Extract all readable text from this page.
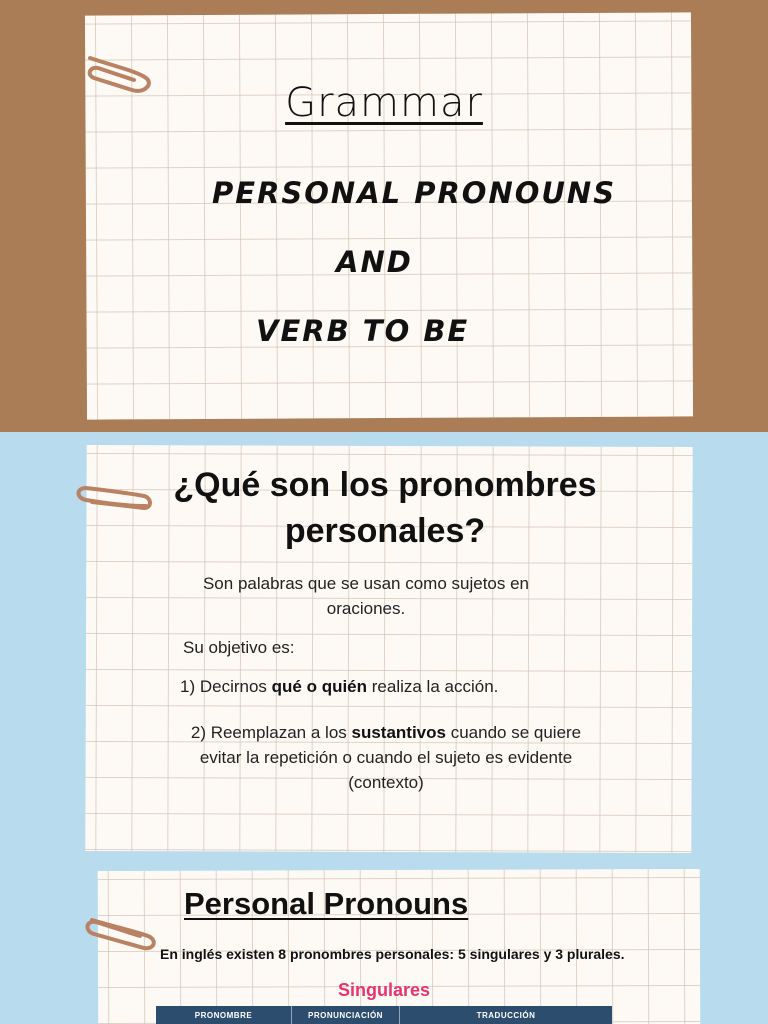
Grammar
PERSONAL PRONOUNS
AND
VERB TO BE
¿Qué son los pronombres personales?
Son palabras que se usan como sujetos en oraciones.
Su objetivo es:
1) Decirnos qué o quién realiza la acción.
2) Reemplazan a los sustantivos cuando se quiere evitar la repetición o cuando el sujeto es evidente (contexto)
Personal Pronouns
En inglés existen 8 pronombres personales: 5 singulares y 3 plurales.
Singulares
PRONOMBRE	PRONUNCIACIÓN	TRADUCCIÓN
